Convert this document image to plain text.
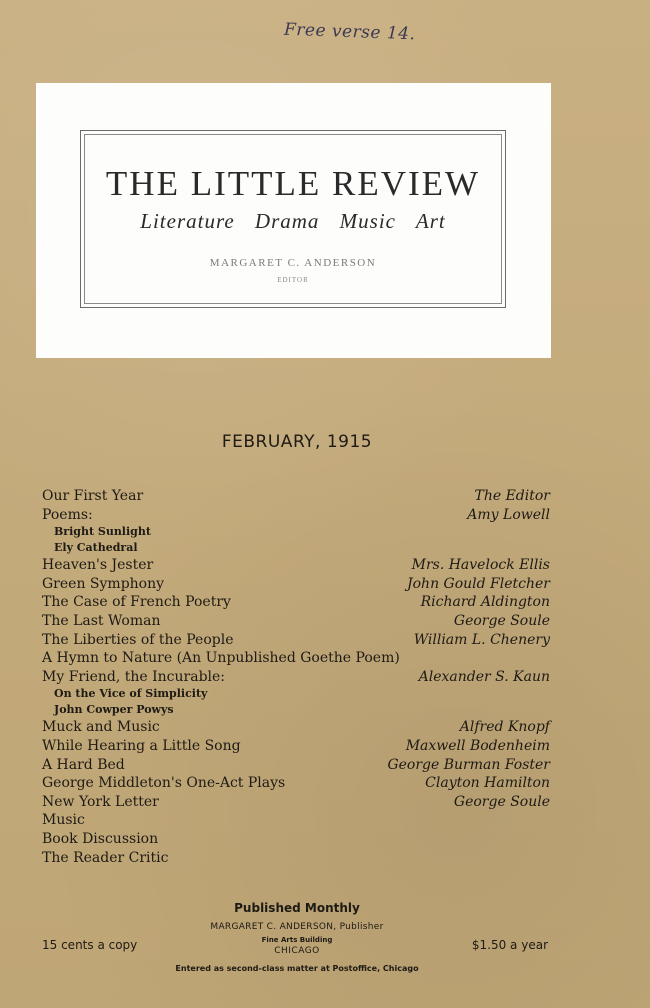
Free verse 14.
THE LITTLE REVIEW
Literature Drama Music Art
MARGARET C. ANDERSON
EDITOR
FEBRUARY, 1915
Our First Year	The Editor
Poems:	Amy Lowell
Bright Sunlight
Ely Cathedral
Heaven's Jester	Mrs. Havelock Ellis
Green Symphony	John Gould Fletcher
The Case of French Poetry	Richard Aldington
The Last Woman	George Soule
The Liberties of the People	William L. Chenery
A Hymn to Nature (An Unpublished Goethe Poem)
My Friend, the Incurable:	Alexander S. Kaun
On the Vice of Simplicity
John Cowper Powys
Muck and Music	Alfred Knopf
While Hearing a Little Song	Maxwell Bodenheim
A Hard Bed	George Burman Foster
George Middleton's One-Act Plays	Clayton Hamilton
New York Letter	George Soule
Music
Book Discussion
The Reader Critic
Published Monthly
MARGARET C. ANDERSON, Publisher
Fine Arts Building
CHICAGO
15 cents a copy	$1.50 a year
Entered as second-class matter at Postoffice, Chicago
